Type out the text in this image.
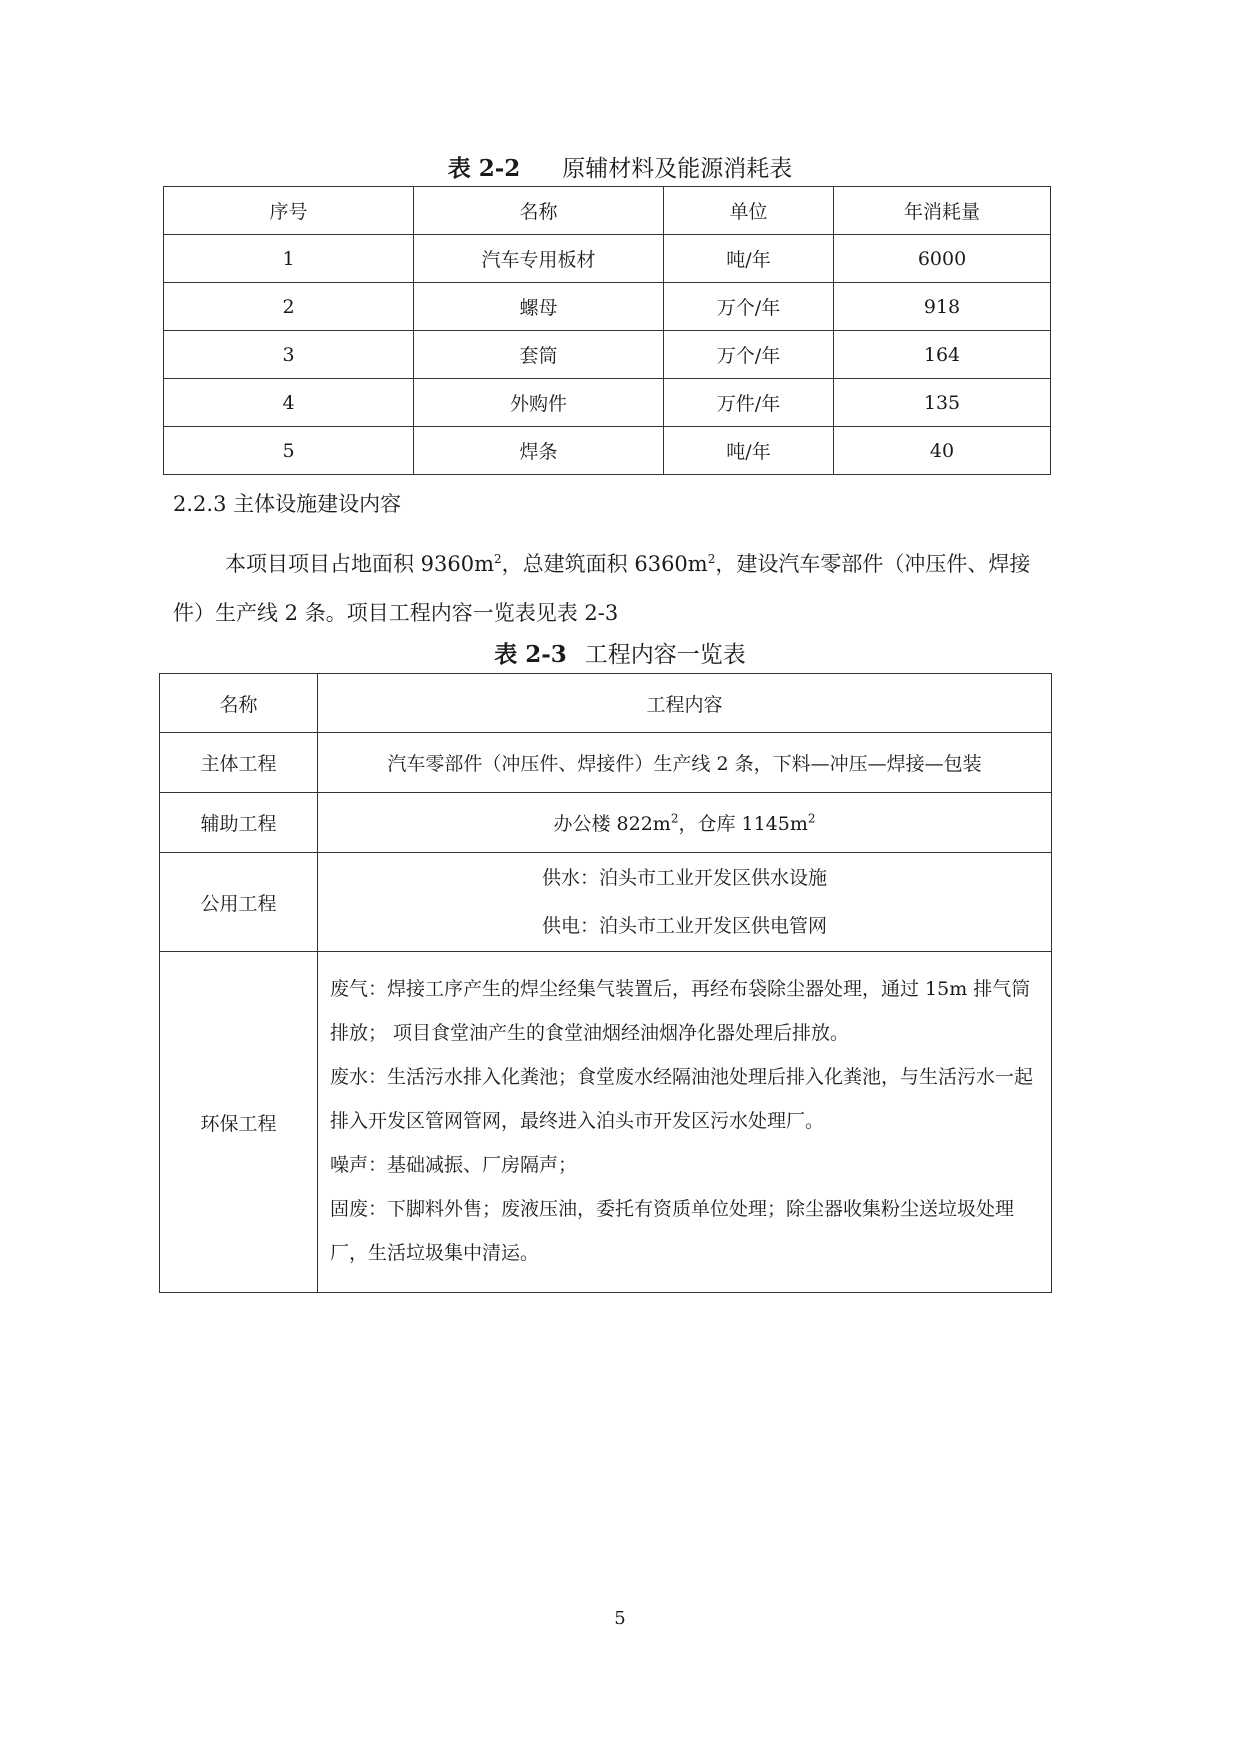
表 2-2 原辅材料及能源消耗表
序号	名称	单位	年消耗量
1	汽车专用板材	吨/年	6000
2	螺母	万个/年	918
3	套筒	万个/年	164
4	外购件	万件/年	135
5	焊条	吨/年	40
2.2.3 主体设施建设内容
本项目项目占地面积 $9360m^2$，总建筑面积 $6360m^2$，建设汽车零部件（冲压件、焊接件）生产线 2 条。项目工程内容一览表见表 2-3
表 2-3 工程内容一览表
名称	工程内容
主体工程	汽车零部件（冲压件、焊接件）生产线 2 条，下料—冲压—焊接—包装
辅助工程	办公楼 $822m^2$，仓库 $1145m^2$
公用工程	供水：泊头市工业开发区供水设施
供电：泊头市工业开发区供电管网

环保工程	废气：焊接工序产生的焊尘经集气装置后，再经布袋除尘器处理，通过 15m 排气筒排放； 项目食堂油产生的食堂油烟经油烟净化器处理后排放。
废水：生活污水排入化粪池；食堂废水经隔油池处理后排入化粪池，与生活污水一起排入开发区管网管网，最终进入泊头市开发区污水处理厂。
噪声：基础减振、厂房隔声；
固废：下脚料外售；废液压油，委托有资质单位处理；除尘器收集粉尘送垃圾处理厂，生活垃圾集中清运。
5
